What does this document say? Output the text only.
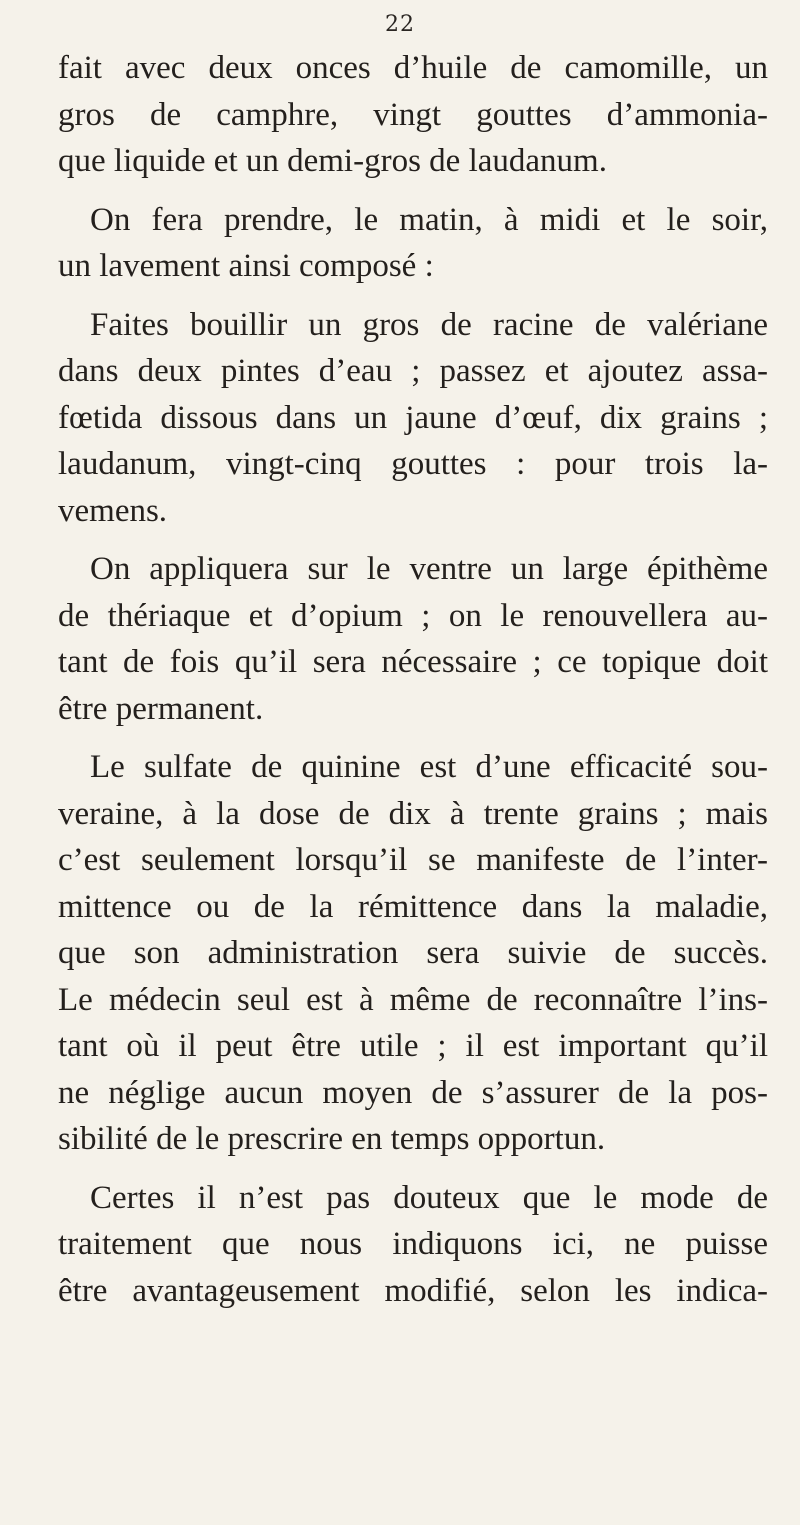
22
fait avec deux onces d’huile de camomille, un
gros de camphre, vingt gouttes d’ammonia-
que liquide et un demi-gros de laudanum.
On fera prendre, le matin, à midi et le soir,
un lavement ainsi composé :
Faites bouillir un gros de racine de valériane
dans deux pintes d’eau ; passez et ajoutez assa-
fœtida dissous dans un jaune d’œuf, dix grains ;
laudanum, vingt-cinq gouttes : pour trois la-
vemens.
On appliquera sur le ventre un large épithème
de thériaque et d’opium ; on le renouvellera au-
tant de fois qu’il sera nécessaire ; ce topique doit
être permanent.
Le sulfate de quinine est d’une efficacité sou-
veraine, à la dose de dix à trente grains ; mais
c’est seulement lorsqu’il se manifeste de l’inter-
mittence ou de la rémittence dans la maladie,
que son administration sera suivie de succès.
Le médecin seul est à même de reconnaître l’ins-
tant où il peut être utile ; il est important qu’il
ne néglige aucun moyen de s’assurer de la pos-
sibilité de le prescrire en temps opportun.
Certes il n’est pas douteux que le mode de
traitement que nous indiquons ici, ne puisse
être avantageusement modifié, selon les indica-
